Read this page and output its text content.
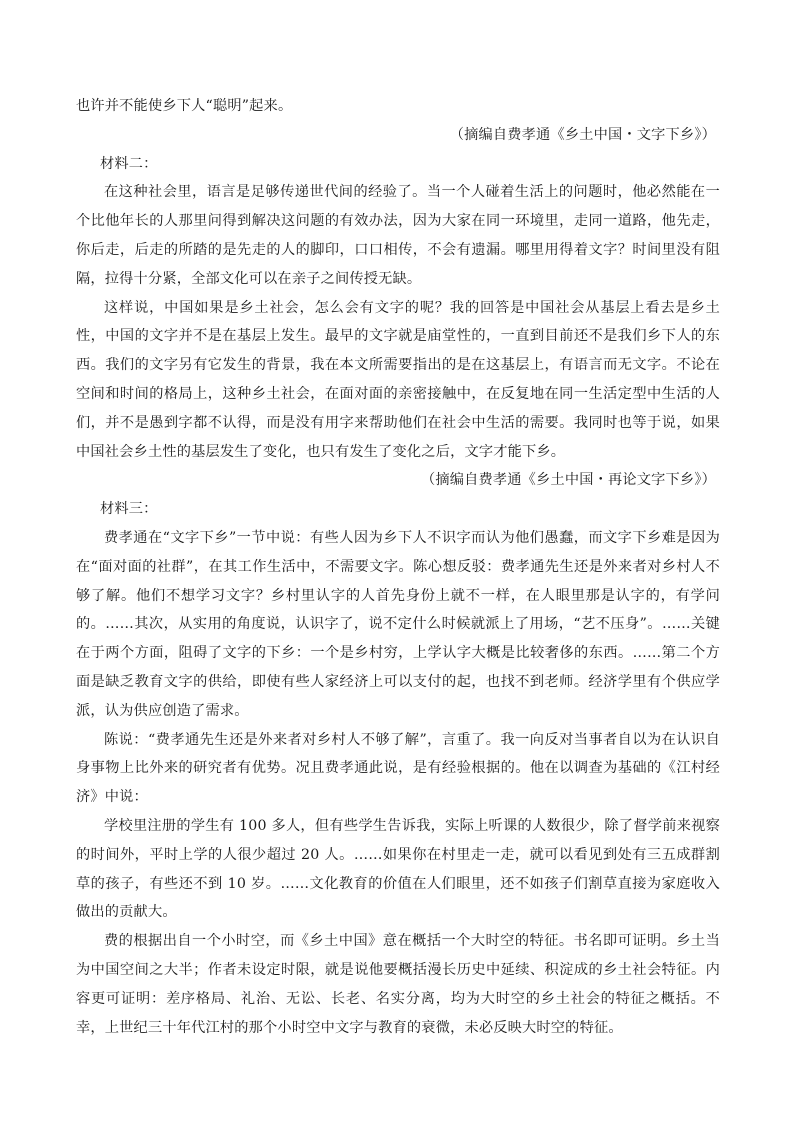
也许并不能使乡下人“聪明”起来。

（摘编自费孝通《乡土中国・文字下乡》）

材料二：

在这种社会里，语言是足够传递世代间的经验了。当一个人碰着生活上的问题时，他必然能在一个比他年长的人那里问得到解决这问题的有效办法，因为大家在同一环境里，走同一道路，他先走，你后走，后走的所踏的是先走的人的脚印，口口相传，不会有遗漏。哪里用得着文字？时间里没有阻隔，拉得十分紧，全部文化可以在亲子之间传授无缺。

这样说，中国如果是乡土社会，怎么会有文字的呢？我的回答是中国社会从基层上看去是乡土性，中国的文字并不是在基层上发生。最早的文字就是庙堂性的，一直到目前还不是我们乡下人的东西。我们的文字另有它发生的背景，我在本文所需要指出的是在这基层上，有语言而无文字。不论在空间和时间的格局上，这种乡土社会，在面对面的亲密接触中，在反复地在同一生活定型中生活的人们，并不是愚到字都不认得，而是没有用字来帮助他们在社会中生活的需要。我同时也等于说，如果中国社会乡土性的基层发生了变化，也只有发生了变化之后，文字才能下乡。

（摘编自费孝通《乡土中国・再论文字下乡》）

材料三：

费孝通在“文字下乡”一节中说：有些人因为乡下人不识字而认为他们愚蠢，而文字下乡难是因为在“面对面的社群”，在其工作生活中，不需要文字。陈心想反驳：费孝通先生还是外来者对乡村人不够了解。他们不想学习文字？乡村里认字的人首先身份上就不一样，在人眼里那是认字的，有学问的。……其次，从实用的角度说，认识字了，说不定什么时候就派上了用场，“艺不压身”。……关键在于两个方面，阻碍了文字的下乡：一个是乡村穷，上学认字大概是比较奢侈的东西。……第二个方面是缺乏教育文字的供给，即使有些人家经济上可以支付的起，也找不到老师。经济学里有个供应学派，认为供应创造了需求。

陈说：“费孝通先生还是外来者对乡村人不够了解”，言重了。我一向反对当事者自以为在认识自身事物上比外来的研究者有优势。况且费孝通此说，是有经验根据的。他在以调查为基础的《江村经济》中说：

学校里注册的学生有 100 多人，但有些学生告诉我，实际上听课的人数很少，除了督学前来视察的时间外，平时上学的人很少超过 20 人。……如果你在村里走一走，就可以看见到处有三五成群割草的孩子，有些还不到 10 岁。……文化教育的价值在人们眼里，还不如孩子们割草直接为家庭收入做出的贡献大。

费的根据出自一个小时空，而《乡土中国》意在概括一个大时空的特征。书名即可证明。乡土当为中国空间之大半；作者未设定时限，就是说他要概括漫长历史中延续、积淀成的乡土社会特征。内容更可证明：差序格局、礼治、无讼、长老、名实分离，均为大时空的乡土社会的特征之概括。不幸，上世纪三十年代江村的那个小时空中文字与教育的衰微，未必反映大时空的特征。
